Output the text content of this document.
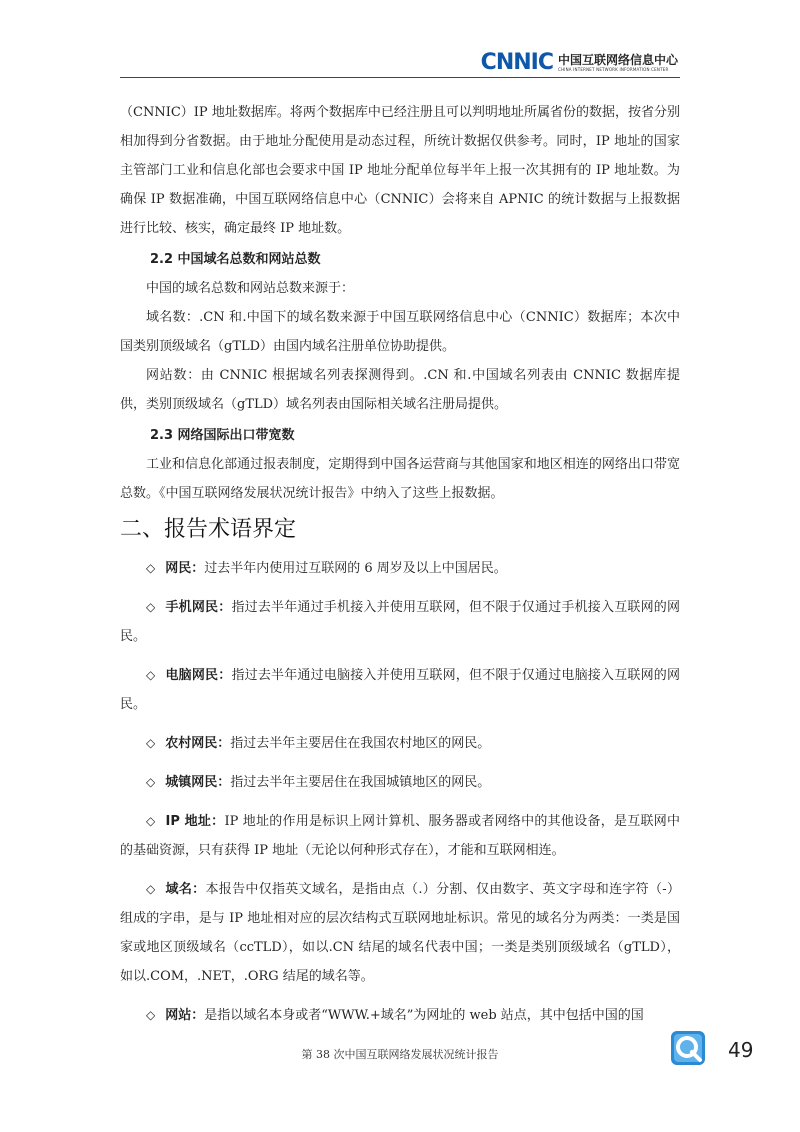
CNNIC 中国互联网络信息中心
CHINA INTERNET NETWORK INFORMATION CENTER

（CNNIC）IP 地址数据库。将两个数据库中已经注册且可以判明地址所属省份的数据，按省分别相加得到分省数据。由于地址分配使用是动态过程，所统计数据仅供参考。同时，IP 地址的国家主管部门工业和信息化部也会要求中国 IP 地址分配单位每半年上报一次其拥有的 IP 地址数。为确保 IP 数据准确，中国互联网络信息中心（CNNIC）会将来自 APNIC 的统计数据与上报数据进行比较、核实，确定最终 IP 地址数。

2.2 中国域名总数和网站总数

中国的域名总数和网站总数来源于：

域名数：.CN 和.中国下的域名数来源于中国互联网络信息中心（CNNIC）数据库；本次中国类别顶级域名（gTLD）由国内域名注册单位协助提供。

网站数：由 CNNIC 根据域名列表探测得到。.CN 和.中国域名列表由 CNNIC 数据库提供，类别顶级域名（gTLD）域名列表由国际相关域名注册局提供。

2.3 网络国际出口带宽数

工业和信息化部通过报表制度，定期得到中国各运营商与其他国家和地区相连的网络出口带宽总数。《中国互联网络发展状况统计报告》中纳入了这些上报数据。

二、报告术语界定

◇ 网民：过去半年内使用过互联网的 6 周岁及以上中国居民。

◇ 手机网民：指过去半年通过手机接入并使用互联网，但不限于仅通过手机接入互联网的网民。

◇ 电脑网民：指过去半年通过电脑接入并使用互联网，但不限于仅通过电脑接入互联网的网民。

◇ 农村网民：指过去半年主要居住在我国农村地区的网民。

◇ 城镇网民：指过去半年主要居住在我国城镇地区的网民。

◇ IP 地址：IP 地址的作用是标识上网计算机、服务器或者网络中的其他设备，是互联网中的基础资源，只有获得 IP 地址（无论以何种形式存在），才能和互联网相连。

◇ 域名：本报告中仅指英文域名，是指由点（.）分割、仅由数字、英文字母和连字符（-）组成的字串，是与 IP 地址相对应的层次结构式互联网地址标识。常见的域名分为两类：一类是国家或地区顶级域名（ccTLD），如以.CN 结尾的域名代表中国；一类是类别顶级域名（gTLD），如以.COM，.NET，.ORG 结尾的域名等。

◇ 网站：是指以域名本身或者“WWW.+域名”为网址的 web 站点，其中包括中国的国

第 38 次中国互联网络发展状况统计报告	49
